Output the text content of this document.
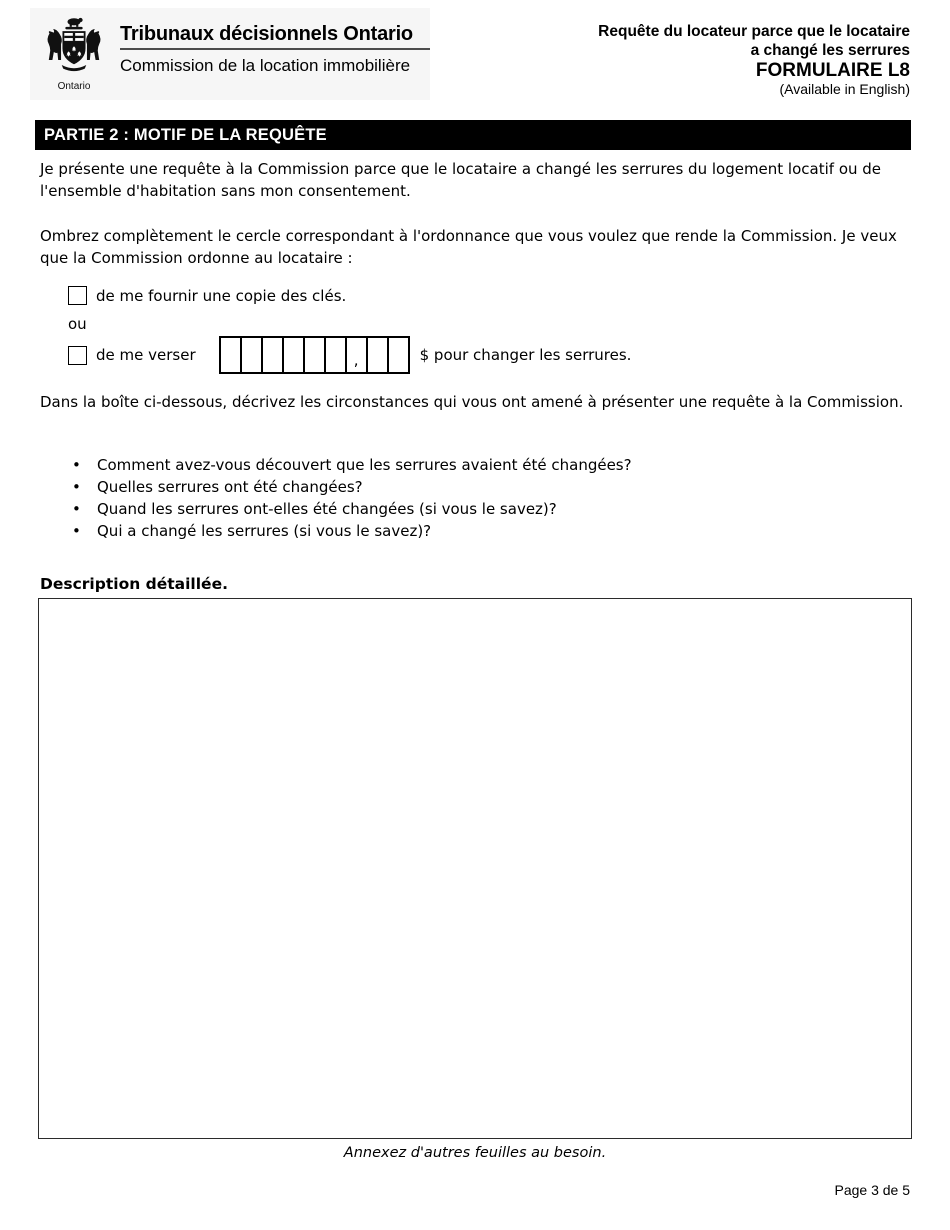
Ontario
Tribunaux décisionnels Ontario
Commission de la location immobilière
Requête du locateur parce que le locataire
a changé les serrures
FORMULAIRE L8
(Available in English)
PARTIE 2 : MOTIF DE LA REQUÊTE
Je présente une requête à la Commission parce que le locataire a changé les serrures du logement locatif ou de l'ensemble d'habitation sans mon consentement.
Ombrez complètement le cercle correspondant à l'ordonnance que vous voulez que rende la Commission. Je veux que la Commission ordonne au locataire :
de me fournir une copie des clés.
ou
de me verser	,	$ pour changer les serrures.
Dans la boîte ci-dessous, décrivez les circonstances qui vous ont amené à présenter une requête à la Commission.
• Comment avez-vous découvert que les serrures avaient été changées?
• Quelles serrures ont été changées?
• Quand les serrures ont-elles été changées (si vous le savez)?
• Qui a changé les serrures (si vous le savez)?
Description détaillée.
Annexez d'autres feuilles au besoin.
Page 3 de 5
